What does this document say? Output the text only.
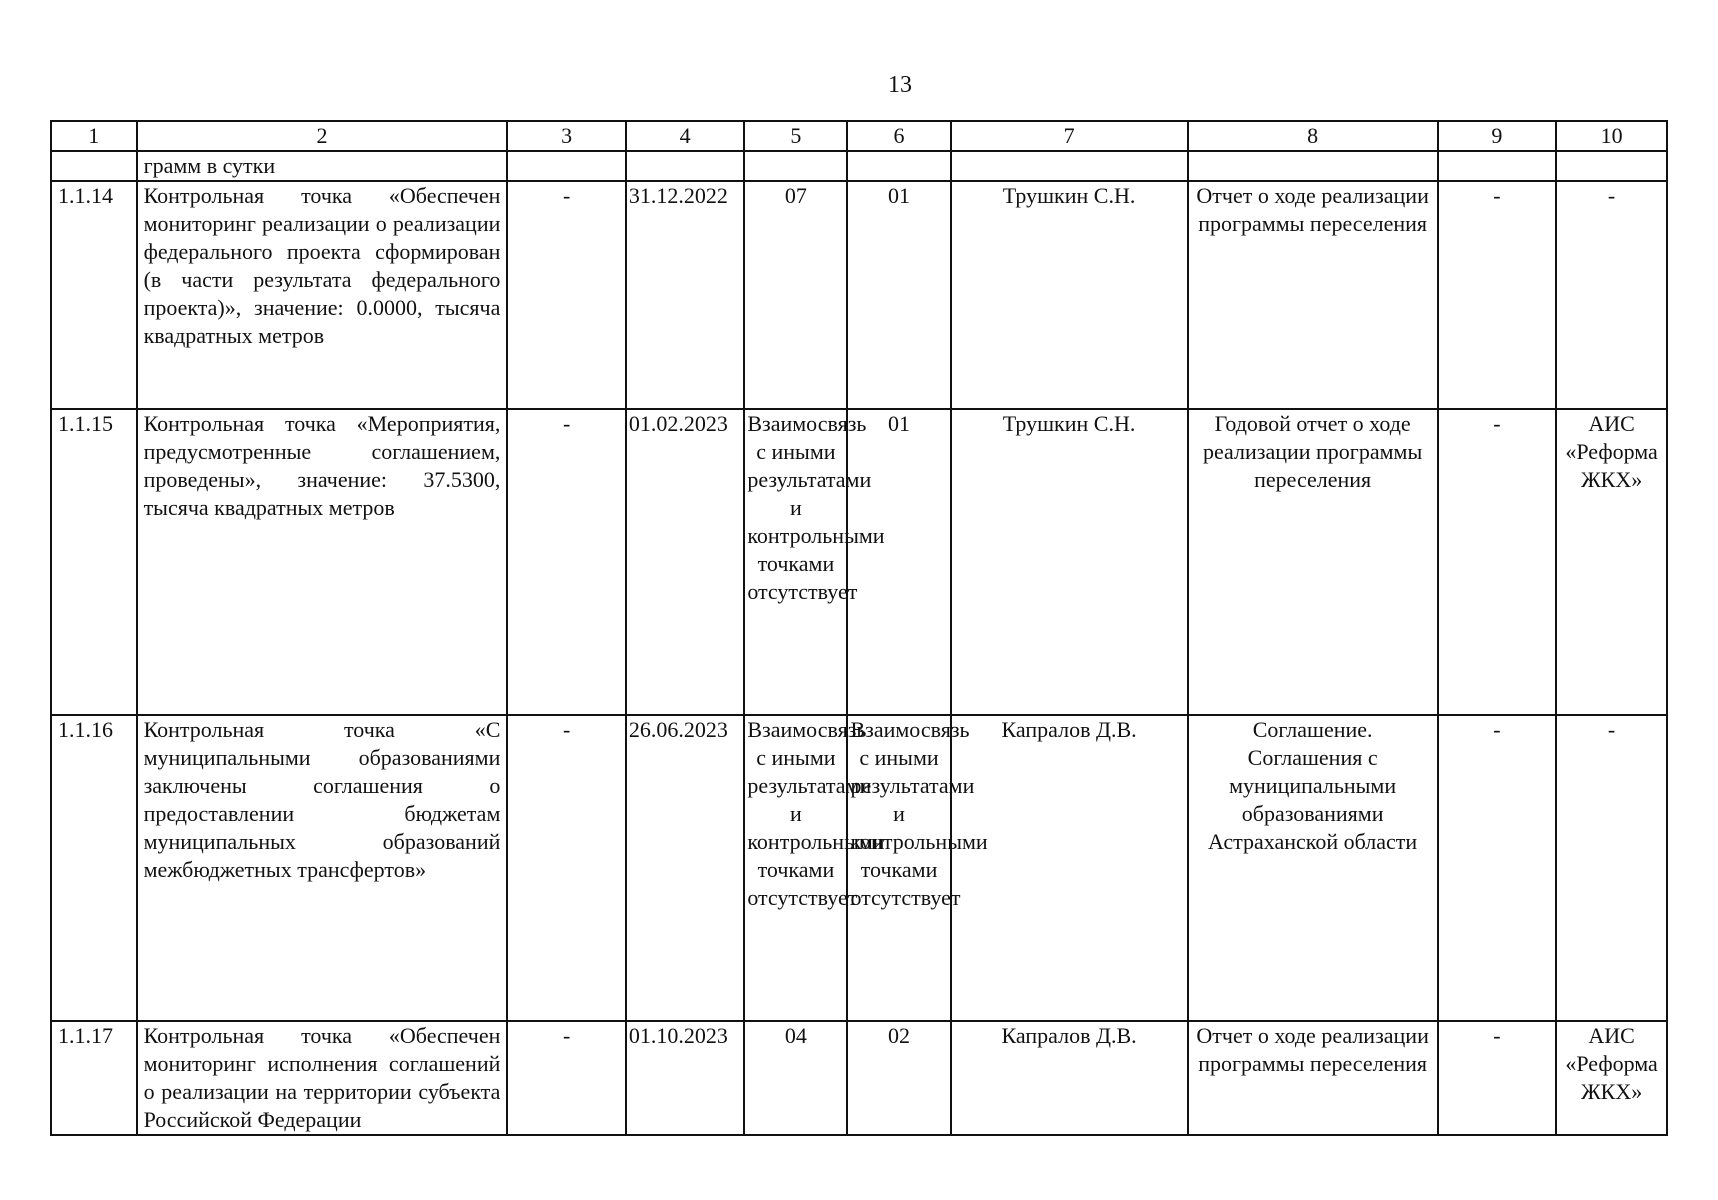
13
1	2	3	4	5	6	7	8	9	10
	грамм в сутки								
1.1.14	Контрольная точка «Обеспечен мониторинг реализации о реализации федерального проекта сформирован (в части результата федерального проекта)», значение: 0.0000, тысяча квадратных метров	-	31.12.2022	07	01	Трушкин С.Н.	Отчет о ходе реализации программы переселения	-	-
1.1.15	Контрольная точка «Мероприятия, предусмотренные соглашением, проведены», значение: 37.5300, тысяча квадратных метров	-	01.02.2023	Взаимосвязь с иными результатами и контрольными точками отсутствует	01	Трушкин С.Н.	Годовой отчет о ходе реализации программы переселения	-	АИС «Реформа ЖКХ»
1.1.16	Контрольная точка «С муниципальными образованиями заключены соглашения о предоставлении бюджетам муниципальных образований межбюджетных трансфертов»	-	26.06.2023	Взаимосвязь с иными результатами и контрольными точками отсутствует	Взаимосвязь с иными результатами и контрольными точками отсутствует	Капралов Д.В.	Соглашение. Соглашения с муниципальными образованиями Астраханской области	-	-
1.1.17	Контрольная точка «Обеспечен мониторинг исполнения соглашений о реализации на территории субъекта Российской Федерации	-	01.10.2023	04	02	Капралов Д.В.	Отчет о ходе реализации программы переселения	-	АИС «Реформа ЖКХ»
